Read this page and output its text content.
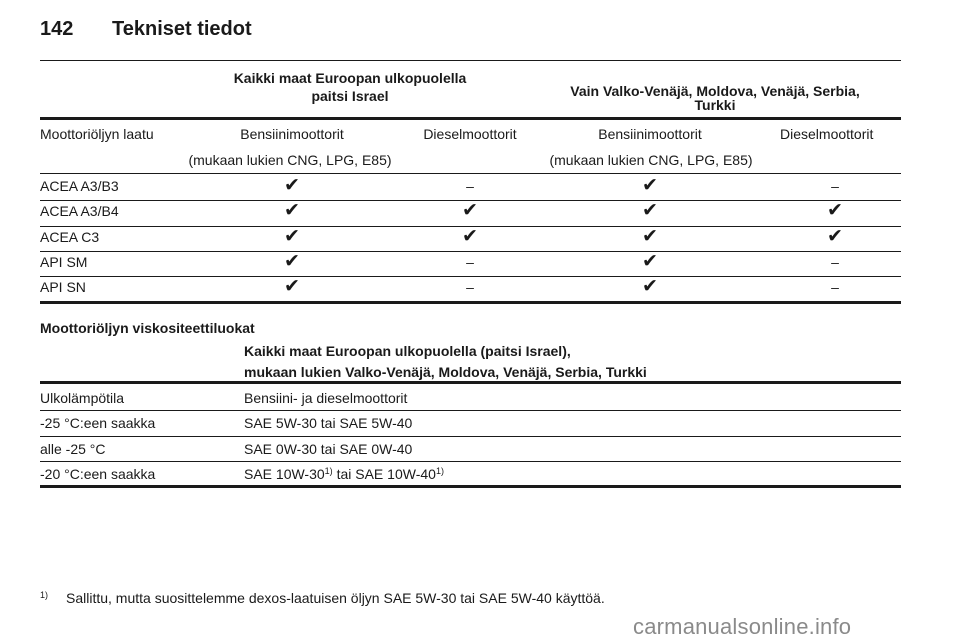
142 Tekniset tiedot
Kaikki maat Euroopan ulkopuolella
paitsi Israel	Vain Valko-Venäjä, Moldova, Venäjä, Serbia,
Turkki
Moottoriöljyn laatu	Bensiinimoottorit	Dieselmoottorit	Bensiinimoottorit	Dieselmoottorit
(mukaan lukien CNG, LPG, E85)	(mukaan lukien CNG, LPG, E85)
ACEA A3/B3	✔	–	✔	–
ACEA A3/B4	✔	✔	✔	✔
ACEA C3	✔	✔	✔	✔
API SM	✔	–	✔	–
API SN	✔	–	✔	–
Moottoriöljyn viskositeettiluokat
Kaikki maat Euroopan ulkopuolella (paitsi Israel),
mukaan lukien Valko-Venäjä, Moldova, Venäjä, Serbia, Turkki
Ulkolämpötila	Bensiini- ja dieselmoottorit
-25 °C:een saakka	SAE 5W-30 tai SAE 5W-40
alle -25 °C	SAE 0W-30 tai SAE 0W-40
-20 °C:een saakka	SAE 10W-30$^{1)}$ tai SAE 10W-40$^{1)}$
1) Sallittu, mutta suosittelemme dexos-laatuisen öljyn SAE 5W-30 tai SAE 5W-40 käyttöä.
carmanualsonline.info
